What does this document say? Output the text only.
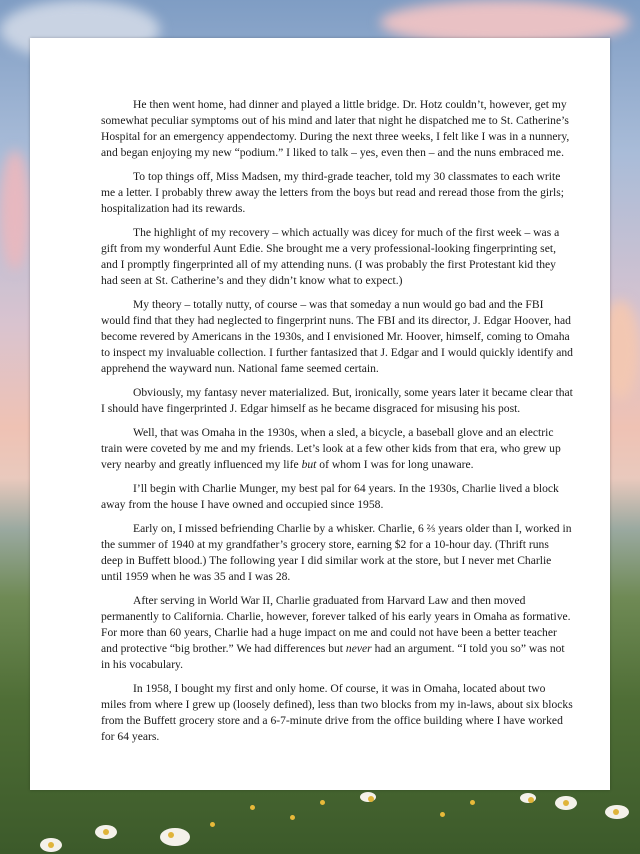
He then went home, had dinner and played a little bridge. Dr. Hotz couldn’t, however, get my somewhat peculiar symptoms out of his mind and later that night he dispatched me to St. Catherine’s Hospital for an emergency appendectomy. During the next three weeks, I felt like I was in a nunnery, and began enjoying my new “podium.” I liked to talk – yes, even then – and the nuns embraced me.

To top things off, Miss Madsen, my third-grade teacher, told my 30 classmates to each write me a letter. I probably threw away the letters from the boys but read and reread those from the girls; hospitalization had its rewards.

The highlight of my recovery – which actually was dicey for much of the first week – was a gift from my wonderful Aunt Edie. She brought me a very professional-looking fingerprinting set, and I promptly fingerprinted all of my attending nuns. (I was probably the first Protestant kid they had seen at St. Catherine’s and they didn’t know what to expect.)

My theory – totally nutty, of course – was that someday a nun would go bad and the FBI would find that they had neglected to fingerprint nuns. The FBI and its director, J. Edgar Hoover, had become revered by Americans in the 1930s, and I envisioned Mr. Hoover, himself, coming to Omaha to inspect my invaluable collection. I further fantasized that J. Edgar and I would quickly identify and apprehend the wayward nun. National fame seemed certain.

Obviously, my fantasy never materialized. But, ironically, some years later it became clear that I should have fingerprinted J. Edgar himself as he became disgraced for misusing his post.

Well, that was Omaha in the 1930s, when a sled, a bicycle, a baseball glove and an electric train were coveted by me and my friends. Let’s look at a few other kids from that era, who grew up very nearby and greatly influenced my life but of whom I was for long unaware.

I’ll begin with Charlie Munger, my best pal for 64 years. In the 1930s, Charlie lived a block away from the house I have owned and occupied since 1958.

Early on, I missed befriending Charlie by a whisker. Charlie, 6 ⅔ years older than I, worked in the summer of 1940 at my grandfather’s grocery store, earning $2 for a 10-hour day. (Thrift runs deep in Buffett blood.) The following year I did similar work at the store, but I never met Charlie until 1959 when he was 35 and I was 28.

After serving in World War II, Charlie graduated from Harvard Law and then moved permanently to California. Charlie, however, forever talked of his early years in Omaha as formative. For more than 60 years, Charlie had a huge impact on me and could not have been a better teacher and protective “big brother.” We had differences but never had an argument. “I told you so” was not in his vocabulary.

In 1958, I bought my first and only home. Of course, it was in Omaha, located about two miles from where I grew up (loosely defined), less than two blocks from my in-laws, about six blocks from the Buffett grocery store and a 6-7-minute drive from the office building where I have worked for 64 years.
